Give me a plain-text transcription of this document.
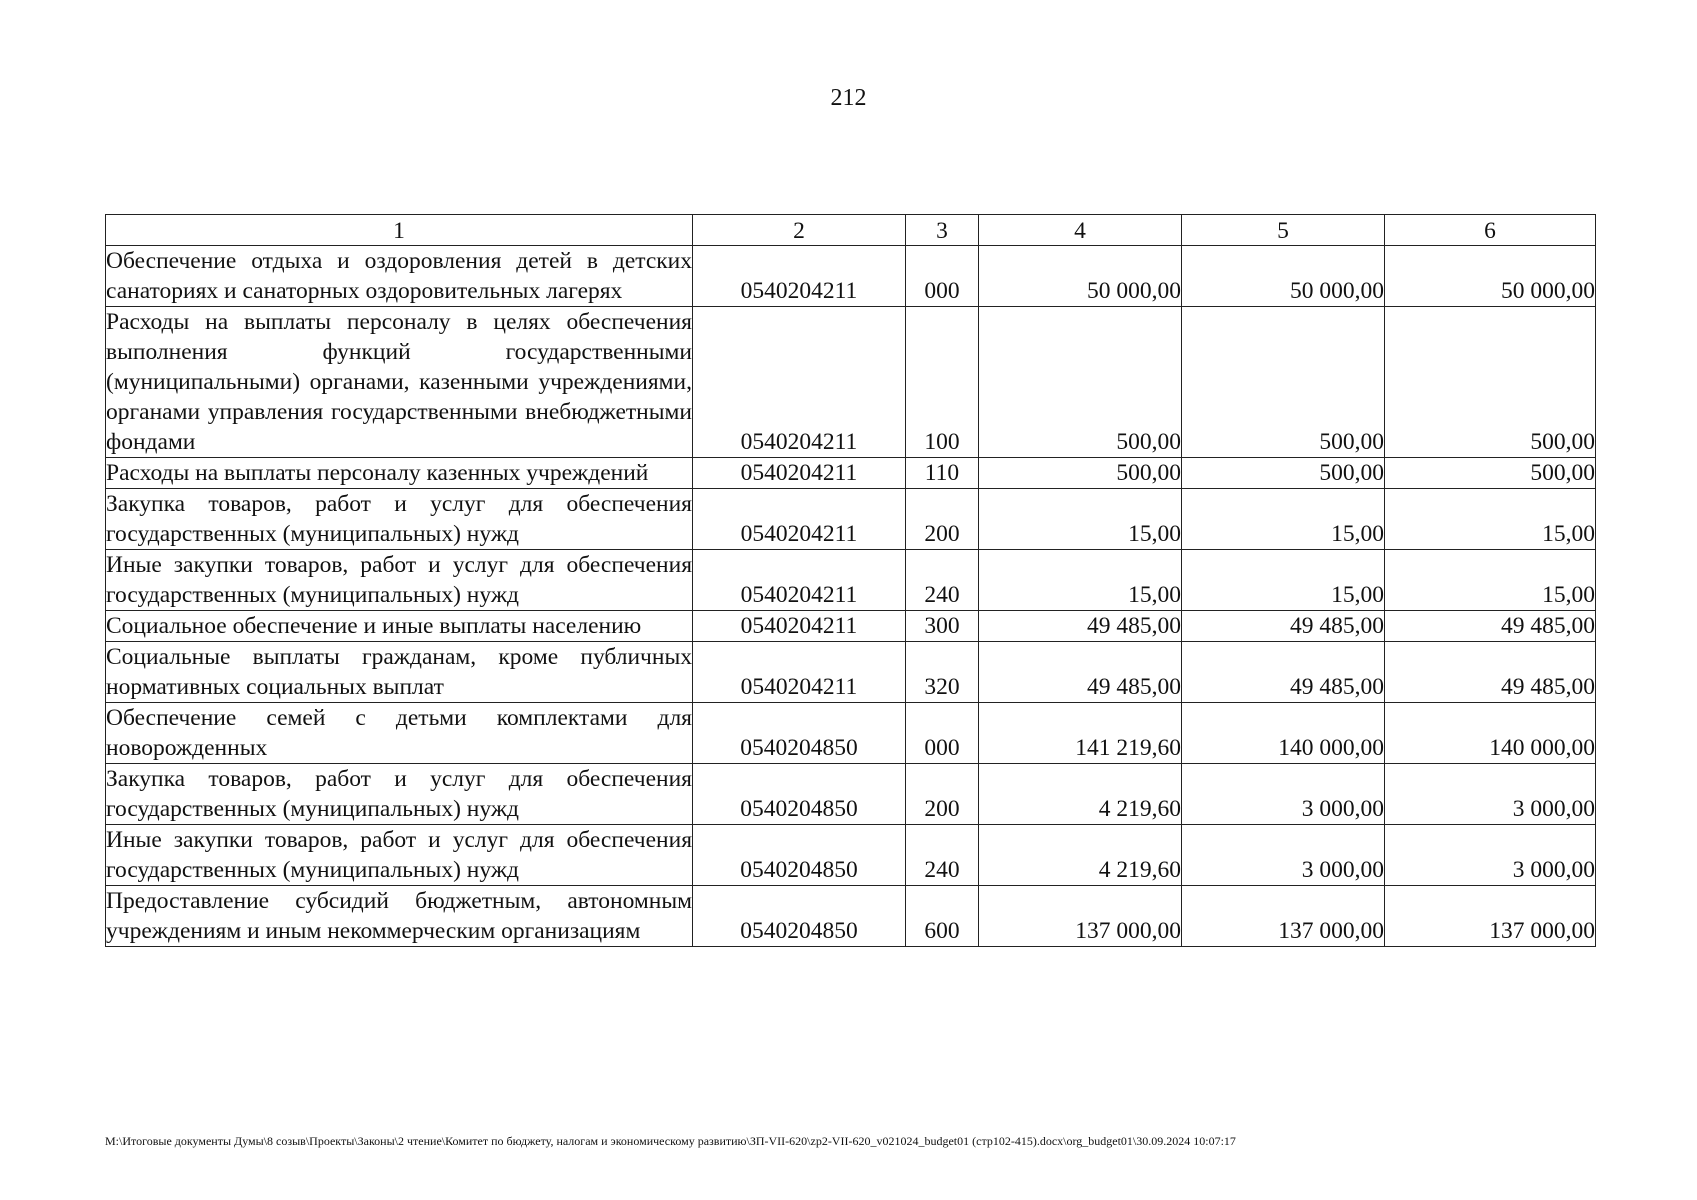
212
1	2	3	4	5	6
Обеспечение отдыха и оздоровления детей в детских санаториях и санаторных оздоровительных лагерях	0540204211	000	50 000,00	50 000,00	50 000,00
Расходы на выплаты персоналу в целях обеспечения выполнения функций государственными (муниципальными) органами, казенными учреждениями, органами управления государственными внебюджетными фондами	0540204211	100	500,00	500,00	500,00
Расходы на выплаты персоналу казенных учреждений	0540204211	110	500,00	500,00	500,00
Закупка товаров, работ и услуг для обеспечения государственных (муниципальных) нужд	0540204211	200	15,00	15,00	15,00
Иные закупки товаров, работ и услуг для обеспечения государственных (муниципальных) нужд	0540204211	240	15,00	15,00	15,00
Социальное обеспечение и иные выплаты населению	0540204211	300	49 485,00	49 485,00	49 485,00
Социальные выплаты гражданам, кроме публичных нормативных социальных выплат	0540204211	320	49 485,00	49 485,00	49 485,00
Обеспечение семей с детьми комплектами для новорожденных	0540204850	000	141 219,60	140 000,00	140 000,00
Закупка товаров, работ и услуг для обеспечения государственных (муниципальных) нужд	0540204850	200	4 219,60	3 000,00	3 000,00
Иные закупки товаров, работ и услуг для обеспечения государственных (муниципальных) нужд	0540204850	240	4 219,60	3 000,00	3 000,00
Предоставление субсидий бюджетным, автономным учреждениям и иным некоммерческим организациям	0540204850	600	137 000,00	137 000,00	137 000,00
M:\Итоговые документы Думы\8 созыв\Проекты\Законы\2 чтение\Комитет по бюджету, налогам и экономическому развитию\ЗП-VII-620\zp2-VII-620_v021024_budget01 (стр102-415).docx\org_budget01\30.09.2024 10:07:17
